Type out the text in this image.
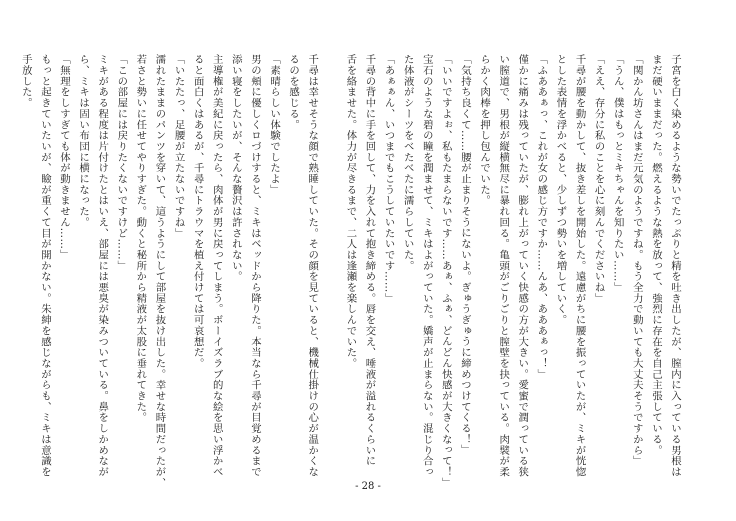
子宮を白く染めるような勢いでたっぷりと精を吐き出したが、膣内に入っている男根は
まだ硬いままだった。燃えるような熱を放って、強烈に存在を自己主張している。
「関かん坊さんはまだ元気のようですね。もう全力で動いても大丈夫そうですから」
「うん、僕はもっとミキちゃんを知りたい……」
「ええ、存分に私のことを心に刻んでくださいね」
千尋が腰を動かして、抜き差しを開始した。遠慮がちに腰を振っていたが、ミキが恍惚
とした表情を浮かべると、少しずつ勢いを増していく。
「ふああぁっ、これが女の感じ方ですか……んあ、あああぁっ！」
僅かに痛みは残っていたが、膨れ上がっていく快感の方が大きい。愛蜜で潤っている狭
い膣道で、男根が縦横無尽に暴れ回る。亀頭がごりごりと膣壁を抉っている。肉襞が柔
らかく肉棒を押し包んでいた。
「気持ち良くて……腰が止まりそうにないよ。ぎゅうぎゅうに締めつけてくる！」
「いいですよぉ、私もたまらないです……あぁ、ふぁ、どんどん快感が大きくなって！」
宝石のような碧の瞳を潤ませて、ミキはよがっていた。嬌声が止まらない。混じり合っ
た体液がシーツをべたべたに濡らしていた。
「あぁぁん、いつまでもこうしていたいです……」
千尋の背中に手を回して、力を入れて抱き締める。唇を交え、唾液が溢れるくらいに
舌を絡ませた。体力が尽きるまで、二人は逢瀬を楽しんでいた。

千尋は幸せそうな顔で熟睡していた。その顔を見ていると、機械仕掛けの心が温かくな
るのを感じる。
「素晴らしい体験でしたよ」
男の頬に優しくロづけすると、ミキはベッドから降りた。本当なら千尋が目覚めるまで
添い寝をしたいが、そんな贅沢は許されない。
主導権が美紀に戻ったら、肉体が男に戻ってしまう。ボーイズラブ的な絵を思い浮かべ
ると面白くはあるが、千尋にトラウマを植え付けては可哀想だ。
「いたたっ、足腰が立たないですね」
濡れたままのパンツを穿いて、這うようにして部屋を抜け出した。幸せな時間だったが、
若さと勢いに任せてやりすぎた。動くと秘所から精液が太股に垂れてきた。
「この部屋には戻りたくないですけど……」
ミキがある程度は片付けたとはいえ、部屋には悪臭が染みついている。鼻をしかめなが
ら、ミキは固い布団に横になった。
「無理をしすぎても体が動きません……」
もっと起きていたいが、瞼が重くて目が開かない。朱紳を感じながらも、ミキは意識を
手放した。
- 28 -
